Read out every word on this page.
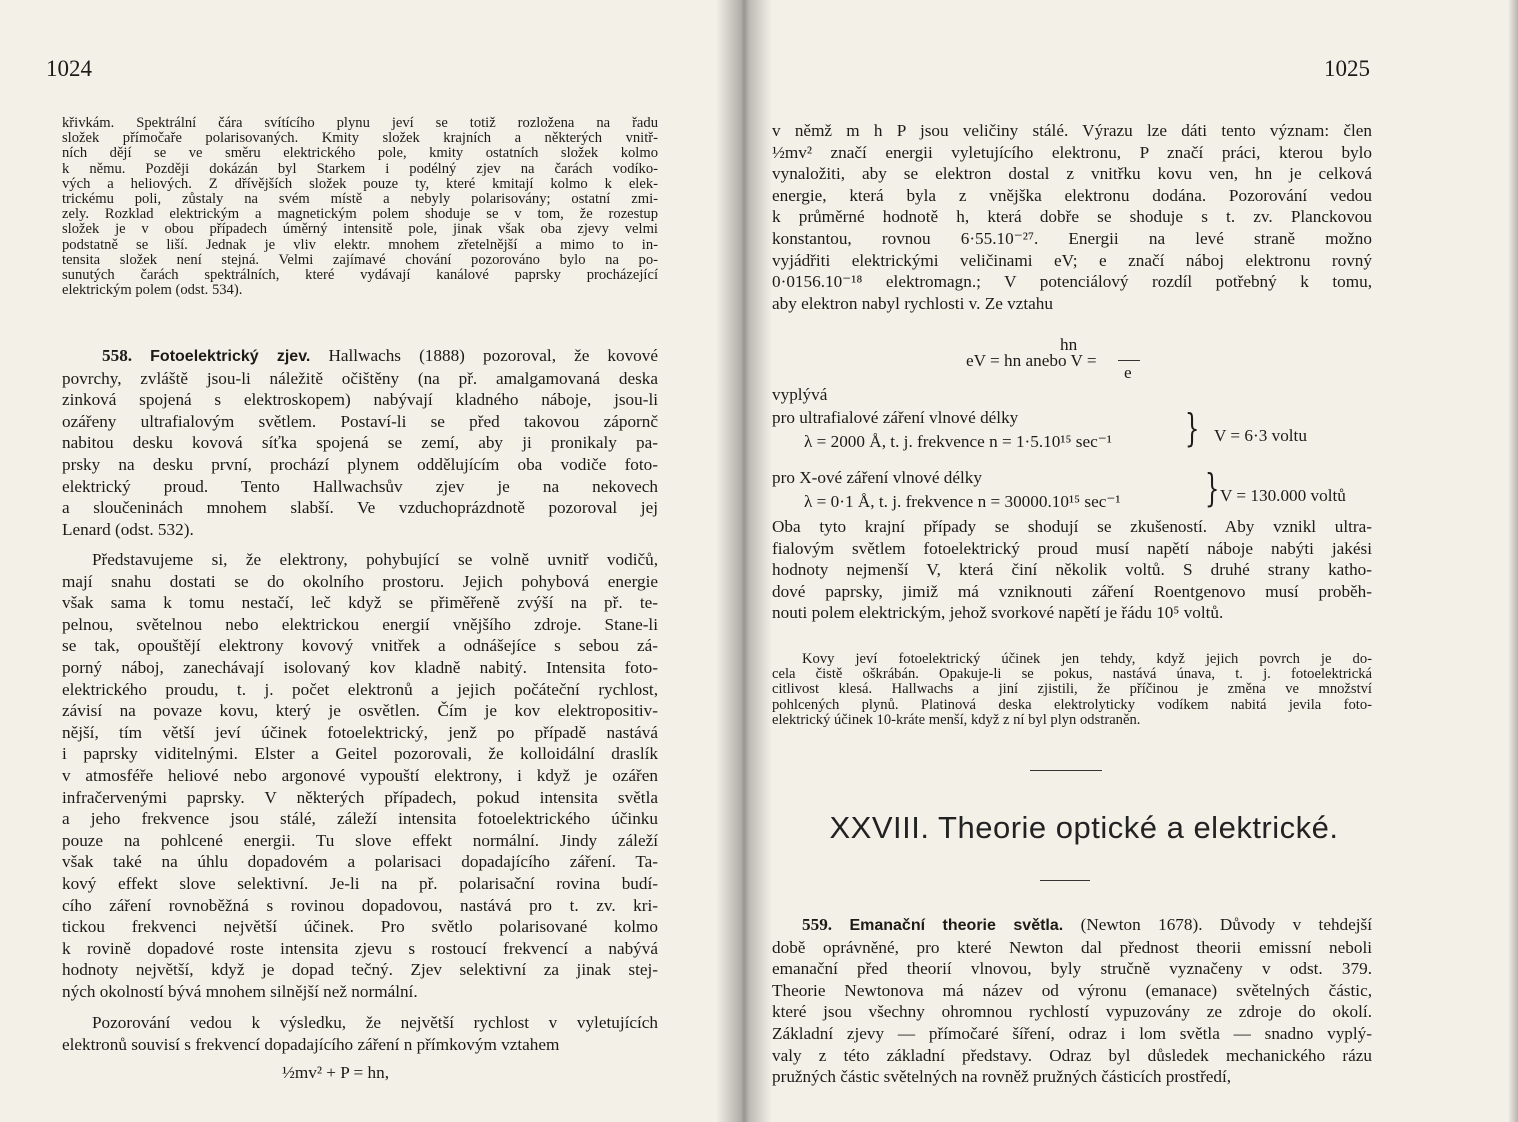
1024
křivkám. Spektrální čára svítícího plynu jeví se totiž rozložena na řadu
složek přímočaře polarisovaných. Kmity složek krajních a některých vnitř-
ních dějí se ve směru elektrického pole, kmity ostatních složek kolmo
k němu. Později dokázán byl Starkem i podélný zjev na čarách vodíko-
vých a heliových. Z dřívějších složek pouze ty, které kmitají kolmo k elek-
trickému poli, zůstaly na svém místě a nebyly polarisovány; ostatní zmi-
zely. Rozklad elektrickým a magnetickým polem shoduje se v tom, že rozestup
složek je v obou případech úměrný intensitě pole, jinak však oba zjevy velmi
podstatně se liší. Jednak je vliv elektr. mnohem zřetelnější a mimo to in-
tensita složek není stejná. Velmi zajímavé chování pozorováno bylo na po-
sunutých čarách spektrálních, které vydávají kanálové paprsky procházející
elektrickým polem (odst. 534).
558. Fotoelektrický zjev. Hallwachs (1888) pozoroval, že kovové
povrchy, zvláště jsou-li náležitě očištěny (na př. amalgamovaná deska
zinková spojená s elektroskopem) nabývají kladného náboje, jsou-li
ozářeny ultrafialovým světlem. Postaví-li se před takovou zápornč
nabitou desku kovová síťka spojená se zemí, aby ji pronikaly pa-
prsky na desku první, prochází plynem oddělujícím oba vodiče foto-
elektrický proud. Tento Hallwachsův zjev je na nekovech
a sloučeninách mnohem slabší. Ve vzduchoprázdnotě pozoroval jej
Lenard (odst. 532).
Představujeme si, že elektrony, pohybující se volně uvnitř vodičů,
mají snahu dostati se do okolního prostoru. Jejich pohybová energie
však sama k tomu nestačí, leč když se přiměřeně zvýší na př. te-
pelnou, světelnou nebo elektrickou energií vnějšího zdroje. Stane-li
se tak, opouštějí elektrony kovový vnitřek a odnášejíce s sebou zá-
porný náboj, zanechávají isolovaný kov kladně nabitý. Intensita foto-
elektrického proudu, t. j. počet elektronů a jejich počáteční rychlost,
závisí na povaze kovu, který je osvětlen. Čím je kov elektropositiv-
nější, tím větší jeví účinek fotoelektrický, jenž po případě nastává
i paprsky viditelnými. Elster a Geitel pozorovali, že kolloidální draslík
v atmosféře heliové nebo argonové vypouští elektrony, i když je ozářen
infračervenými paprsky. V některých případech, pokud intensita světla
a jeho frekvence jsou stálé, záleží intensita fotoelektrického účinku
pouze na pohlcené energii. Tu slove effekt normální. Jindy záleží
však také na úhlu dopadovém a polarisaci dopadajícího záření. Ta-
kový effekt slove selektivní. Je-li na př. polarisační rovina budí-
cího záření rovnoběžná s rovinou dopadovou, nastává pro t. zv. kri-
tickou frekvenci největší účinek. Pro světlo polarisované kolmo
k rovině dopadové roste intensita zjevu s rostoucí frekvencí a nabývá
hodnoty největší, když je dopad tečný. Zjev selektivní za jinak stej-
ných okolností bývá mnohem silnější než normální.
Pozorování vedou k výsledku, že největší rychlost v vyletujících
elektronů souvisí s frekvencí dopadajícího záření n přímkovým vztahem
½mv² + P = hn,
1025
v němž m h P jsou veličiny stálé. Výrazu lze dáti tento význam: člen
½mv² značí energii vyletujícího elektronu, P značí práci, kterou bylo
vynaložiti, aby se elektron dostal z vnitřku kovu ven, hn je celková
energie, která byla z vnějška elektronu dodána. Pozorování vedou
k průměrné hodnotě h, která dobře se shoduje s t. zv. Planckovou
konstantou, rovnou 6·55.10⁻²⁷. Energii na levé straně možno
vyjádřiti elektrickými veličinami eV; e značí náboj elektronu rovný
0·0156.10⁻¹⁸ elektromagn.; V potenciálový rozdíl potřebný k tomu,
aby elektron nabyl rychlosti v. Ze vztahu
hn
eV = hn anebo V =
e
vyplývá
pro ultrafialové záření vlnové délky
λ = 2000 Å, t. j. frekvence n = 1·5.10¹⁵ sec⁻¹ } V = 6·3 voltu
pro X-ové záření vlnové délky
λ = 0·1 Å, t. j. frekvence n = 30000.10¹⁵ sec⁻¹ } V = 130.000 voltů
Oba tyto krajní případy se shodují se zkušeností. Aby vznikl ultra-
fialovým světlem fotoelektrický proud musí napětí náboje nabýti jakési
hodnoty nejmenší V, která činí několik voltů. S druhé strany katho-
dové paprsky, jimiž má vzniknouti záření Roentgenovo musí proběh-
nouti polem elektrickým, jehož svorkové napětí je řádu 10⁵ voltů.
Kovy jeví fotoelektrický účinek jen tehdy, když jejich povrch je do-
cela čistě oškrábán. Opakuje-li se pokus, nastává únava, t. j. fotoelektrická
citlivost klesá. Hallwachs a jiní zjistili, že příčinou je změna ve množství
pohlcených plynů. Platinová deska elektrolyticky vodíkem nabitá jevila foto-
elektrický účinek 10-kráte menší, když z ní byl plyn odstraněn.
XXVIII. Theorie optické a elektrické.
559. Emanační theorie světla. (Newton 1678). Důvody v tehdejší
době oprávněné, pro které Newton dal přednost theorii emissní neboli
emanační před theorií vlnovou, byly stručně vyznačeny v odst. 379.
Theorie Newtonova má název od výronu (emanace) světelných částic,
které jsou všechny ohromnou rychlostí vypuzovány ze zdroje do okolí.
Základní zjevy — přímočaré šíření, odraz i lom světla — snadno vyplý-
valy z této základní představy. Odraz byl důsledek mechanického rázu
pružných částic světelných na rovněž pružných částicích prostředí,
